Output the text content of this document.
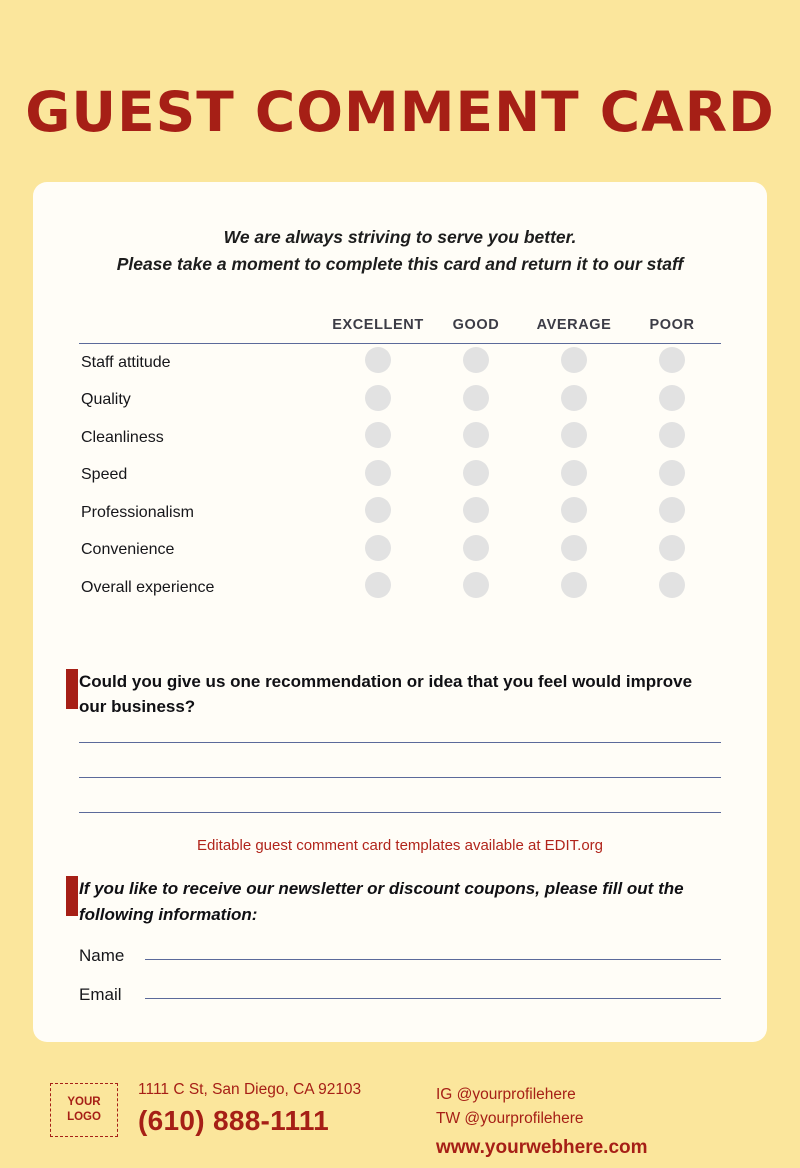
GUEST COMMENT CARD
We are always striving to serve you better.
Please take a moment to complete this card and return it to our staff
	EXCELLENT	GOOD	AVERAGE	POOR
Staff attitude				
Quality				
Cleanliness				
Speed				
Professionalism				
Convenience				
Overall experience				
Could you give us one recommendation or idea that you feel would improve our business?
Editable guest comment card templates available at EDIT.org
If you like to receive our newsletter or discount coupons, please fill out the following information:
Name
Email
YOUR
LOGO
1111 C St, San Diego, CA 92103
(610) 888-1111
IG @yourprofilehere
TW @yourprofilehere
www.yourwebhere.com
